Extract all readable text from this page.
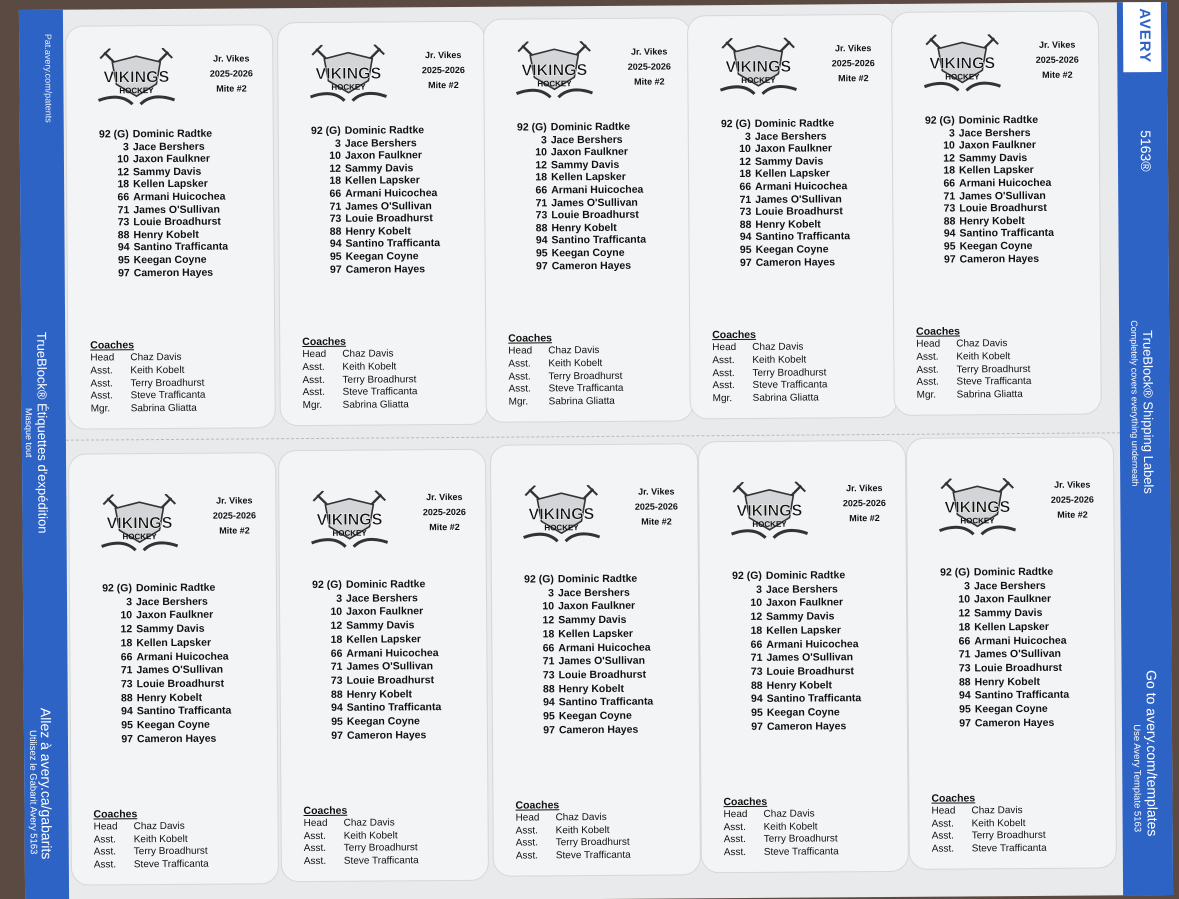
Pat.avery.com/patents
TrueBlock® Étiquettes d'expédition
Masque tout
Allez à avery.ca/gabarits
Utilisez le Gabarit Avery 5163
AVERY
5163®
TrueBlock® Shipping Labels
Completely covers everything underneath
Go to avery.com/templates
Use Avery Template 5163
VIKINGS
HOCKEY
Jr. Vikes
2025-2026
Mite #2
92 (G) Dominic Radtke
3 Jace Bershers
10 Jaxon Faulkner
12 Sammy Davis
18 Kellen Lapsker
66 Armani Huicochea
71 James O'Sullivan
73 Louie Broadhurst
88 Henry Kobelt
94 Santino Trafficanta
95 Keegan Coyne
97 Cameron Hayes
Coaches
Head	Chaz Davis
Asst.	Keith Kobelt
Asst.	Terry Broadhurst
Asst.	Steve Trafficanta
Mgr.	Sabrina Gliatta
VIKINGS
HOCKEY
Jr. Vikes
2025-2026
Mite #2
92 (G) Dominic Radtke
3 Jace Bershers
10 Jaxon Faulkner
12 Sammy Davis
18 Kellen Lapsker
66 Armani Huicochea
71 James O'Sullivan
73 Louie Broadhurst
88 Henry Kobelt
94 Santino Trafficanta
95 Keegan Coyne
97 Cameron Hayes
Coaches
Head	Chaz Davis
Asst.	Keith Kobelt
Asst.	Terry Broadhurst
Asst.	Steve Trafficanta
Mgr.	Sabrina Gliatta
VIKINGS
HOCKEY
Jr. Vikes
2025-2026
Mite #2
92 (G) Dominic Radtke
3 Jace Bershers
10 Jaxon Faulkner
12 Sammy Davis
18 Kellen Lapsker
66 Armani Huicochea
71 James O'Sullivan
73 Louie Broadhurst
88 Henry Kobelt
94 Santino Trafficanta
95 Keegan Coyne
97 Cameron Hayes
Coaches
Head	Chaz Davis
Asst.	Keith Kobelt
Asst.	Terry Broadhurst
Asst.	Steve Trafficanta
Mgr.	Sabrina Gliatta
VIKINGS
HOCKEY
Jr. Vikes
2025-2026
Mite #2
92 (G) Dominic Radtke
3 Jace Bershers
10 Jaxon Faulkner
12 Sammy Davis
18 Kellen Lapsker
66 Armani Huicochea
71 James O'Sullivan
73 Louie Broadhurst
88 Henry Kobelt
94 Santino Trafficanta
95 Keegan Coyne
97 Cameron Hayes
Coaches
Head	Chaz Davis
Asst.	Keith Kobelt
Asst.	Terry Broadhurst
Asst.	Steve Trafficanta
Mgr.	Sabrina Gliatta
VIKINGS
HOCKEY
Jr. Vikes
2025-2026
Mite #2
92 (G) Dominic Radtke
3 Jace Bershers
10 Jaxon Faulkner
12 Sammy Davis
18 Kellen Lapsker
66 Armani Huicochea
71 James O'Sullivan
73 Louie Broadhurst
88 Henry Kobelt
94 Santino Trafficanta
95 Keegan Coyne
97 Cameron Hayes
Coaches
Head	Chaz Davis
Asst.	Keith Kobelt
Asst.	Terry Broadhurst
Asst.	Steve Trafficanta
Mgr.	Sabrina Gliatta
VIKINGS
HOCKEY
Jr. Vikes
2025-2026
Mite #2
92 (G) Dominic Radtke
3 Jace Bershers
10 Jaxon Faulkner
12 Sammy Davis
18 Kellen Lapsker
66 Armani Huicochea
71 James O'Sullivan
73 Louie Broadhurst
88 Henry Kobelt
94 Santino Trafficanta
95 Keegan Coyne
97 Cameron Hayes
Coaches
Head	Chaz Davis
Asst.	Keith Kobelt
Asst.	Terry Broadhurst
Asst.	Steve Trafficanta
VIKINGS
HOCKEY
Jr. Vikes
2025-2026
Mite #2
92 (G) Dominic Radtke
3 Jace Bershers
10 Jaxon Faulkner
12 Sammy Davis
18 Kellen Lapsker
66 Armani Huicochea
71 James O'Sullivan
73 Louie Broadhurst
88 Henry Kobelt
94 Santino Trafficanta
95 Keegan Coyne
97 Cameron Hayes
Coaches
Head	Chaz Davis
Asst.	Keith Kobelt
Asst.	Terry Broadhurst
Asst.	Steve Trafficanta
VIKINGS
HOCKEY
Jr. Vikes
2025-2026
Mite #2
92 (G) Dominic Radtke
3 Jace Bershers
10 Jaxon Faulkner
12 Sammy Davis
18 Kellen Lapsker
66 Armani Huicochea
71 James O'Sullivan
73 Louie Broadhurst
88 Henry Kobelt
94 Santino Trafficanta
95 Keegan Coyne
97 Cameron Hayes
Coaches
Head	Chaz Davis
Asst.	Keith Kobelt
Asst.	Terry Broadhurst
Asst.	Steve Trafficanta
VIKINGS
HOCKEY
Jr. Vikes
2025-2026
Mite #2
92 (G) Dominic Radtke
3 Jace Bershers
10 Jaxon Faulkner
12 Sammy Davis
18 Kellen Lapsker
66 Armani Huicochea
71 James O'Sullivan
73 Louie Broadhurst
88 Henry Kobelt
94 Santino Trafficanta
95 Keegan Coyne
97 Cameron Hayes
Coaches
Head	Chaz Davis
Asst.	Keith Kobelt
Asst.	Terry Broadhurst
Asst.	Steve Trafficanta
VIKINGS
HOCKEY
Jr. Vikes
2025-2026
Mite #2
92 (G) Dominic Radtke
3 Jace Bershers
10 Jaxon Faulkner
12 Sammy Davis
18 Kellen Lapsker
66 Armani Huicochea
71 James O'Sullivan
73 Louie Broadhurst
88 Henry Kobelt
94 Santino Trafficanta
95 Keegan Coyne
97 Cameron Hayes
Coaches
Head	Chaz Davis
Asst.	Keith Kobelt
Asst.	Terry Broadhurst
Asst.	Steve Trafficanta
